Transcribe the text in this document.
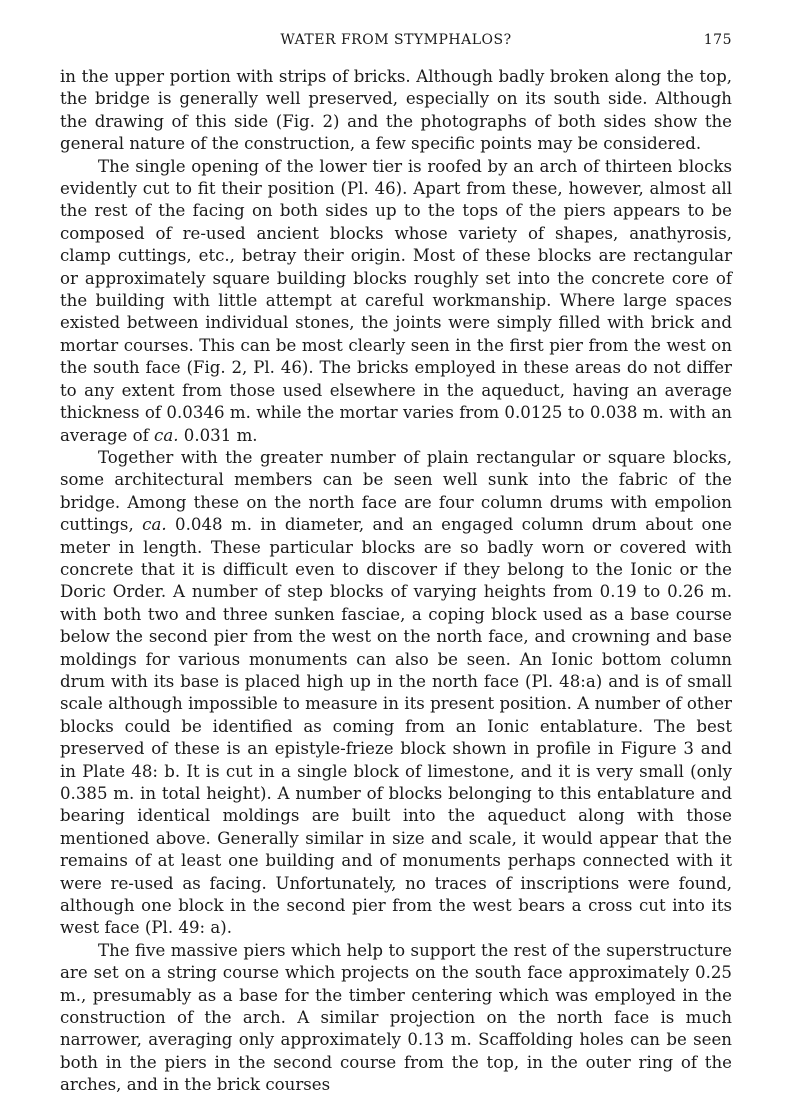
WATER FROM STYMPHALOS?	175

in the upper portion with strips of bricks. Although badly broken along the top, the bridge is generally well preserved, especially on its south side. Although the drawing of this side (Fig. 2) and the photographs of both sides show the general nature of the construction, a few specific points may be considered.

The single opening of the lower tier is roofed by an arch of thirteen blocks evidently cut to fit their position (Pl. 46). Apart from these, however, almost all the rest of the facing on both sides up to the tops of the piers appears to be composed of re-used ancient blocks whose variety of shapes, anathyrosis, clamp cuttings, etc., betray their origin. Most of these blocks are rectangular or approximately square building blocks roughly set into the concrete core of the building with little attempt at careful workmanship. Where large spaces existed between individual stones, the joints were simply filled with brick and mortar courses. This can be most clearly seen in the first pier from the west on the south face (Fig. 2, Pl. 46). The bricks employed in these areas do not differ to any extent from those used elsewhere in the aqueduct, having an average thickness of 0.0346 m. while the mortar varies from 0.0125 to 0.038 m. with an average of ca. 0.031 m.

Together with the greater number of plain rectangular or square blocks, some architectural members can be seen well sunk into the fabric of the bridge. Among these on the north face are four column drums with empolion cuttings, ca. 0.048 m. in diameter, and an engaged column drum about one meter in length. These particular blocks are so badly worn or covered with concrete that it is difficult even to discover if they belong to the Ionic or the Doric Order. A number of step blocks of varying heights from 0.19 to 0.26 m. with both two and three sunken fasciae, a coping block used as a base course below the second pier from the west on the north face, and crowning and base moldings for various monuments can also be seen. An Ionic bottom column drum with its base is placed high up in the north face (Pl. 48:a) and is of small scale although impossible to measure in its present position. A number of other blocks could be identified as coming from an Ionic entablature. The best preserved of these is an epistyle-frieze block shown in profile in Figure 3 and in Plate 48: b. It is cut in a single block of limestone, and it is very small (only 0.385 m. in total height). A number of blocks belonging to this entablature and bearing identical moldings are built into the aqueduct along with those mentioned above. Generally similar in size and scale, it would appear that the remains of at least one building and of monuments perhaps connected with it were re-used as facing. Unfortunately, no traces of inscriptions were found, although one block in the second pier from the west bears a cross cut into its west face (Pl. 49: a).

The five massive piers which help to support the rest of the superstructure are set on a string course which projects on the south face approximately 0.25 m., presumably as a base for the timber centering which was employed in the construction of the arch. A similar projection on the north face is much narrower, averaging only approximately 0.13 m. Scaffolding holes can be seen both in the piers in the second course from the top, in the outer ring of the arches, and in the brick courses
